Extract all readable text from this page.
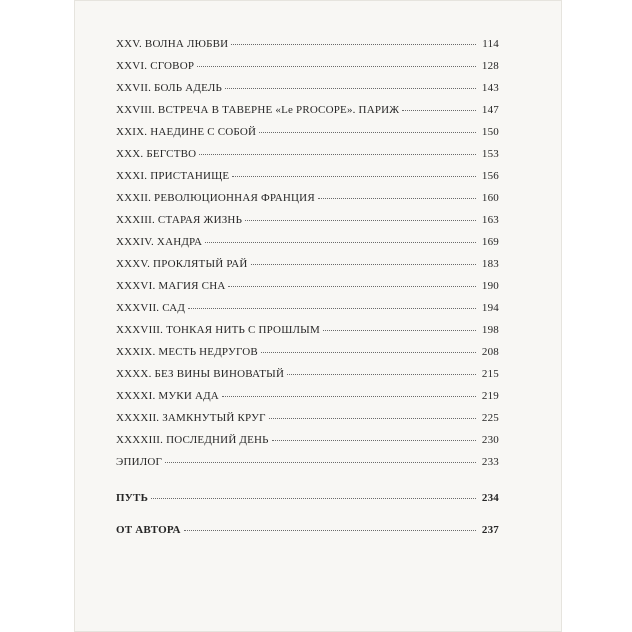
XXV. ВОЛНА ЛЮБВИ	114
XXVI. СГОВОР	128
XXVII. БОЛЬ АДЕЛЬ	143
XXVIII. ВСТРЕЧА В ТАВЕРНЕ «Le PROCOPE». ПАРИЖ	147
XXIX. НАЕДИНЕ С СОБОЙ	150
XXX. БЕГСТВО	153
XXXI. ПРИСТАНИЩЕ	156
XXXII. РЕВОЛЮЦИОННАЯ ФРАНЦИЯ	160
XXXIII. СТАРАЯ ЖИЗНЬ	163
XXXIV. ХАНДРА	169
XXXV. ПРОКЛЯТЫЙ РАЙ	183
XXXVI. МАГИЯ СНА	190
XXXVII. САД	194
XXXVIII. ТОНКАЯ НИТЬ С ПРОШЛЫМ	198
XXXIX. МЕСТЬ НЕДРУГОВ	208
XXXX. БЕЗ ВИНЫ ВИНОВАТЫЙ	215
XXXXI. МУКИ АДА	219
XXXXII. ЗАМКНУТЫЙ КРУГ	225
XXXXIII. ПОСЛЕДНИЙ ДЕНЬ	230
ЭПИЛОГ	233
ПУТЬ	234
ОТ АВТОРА	237
